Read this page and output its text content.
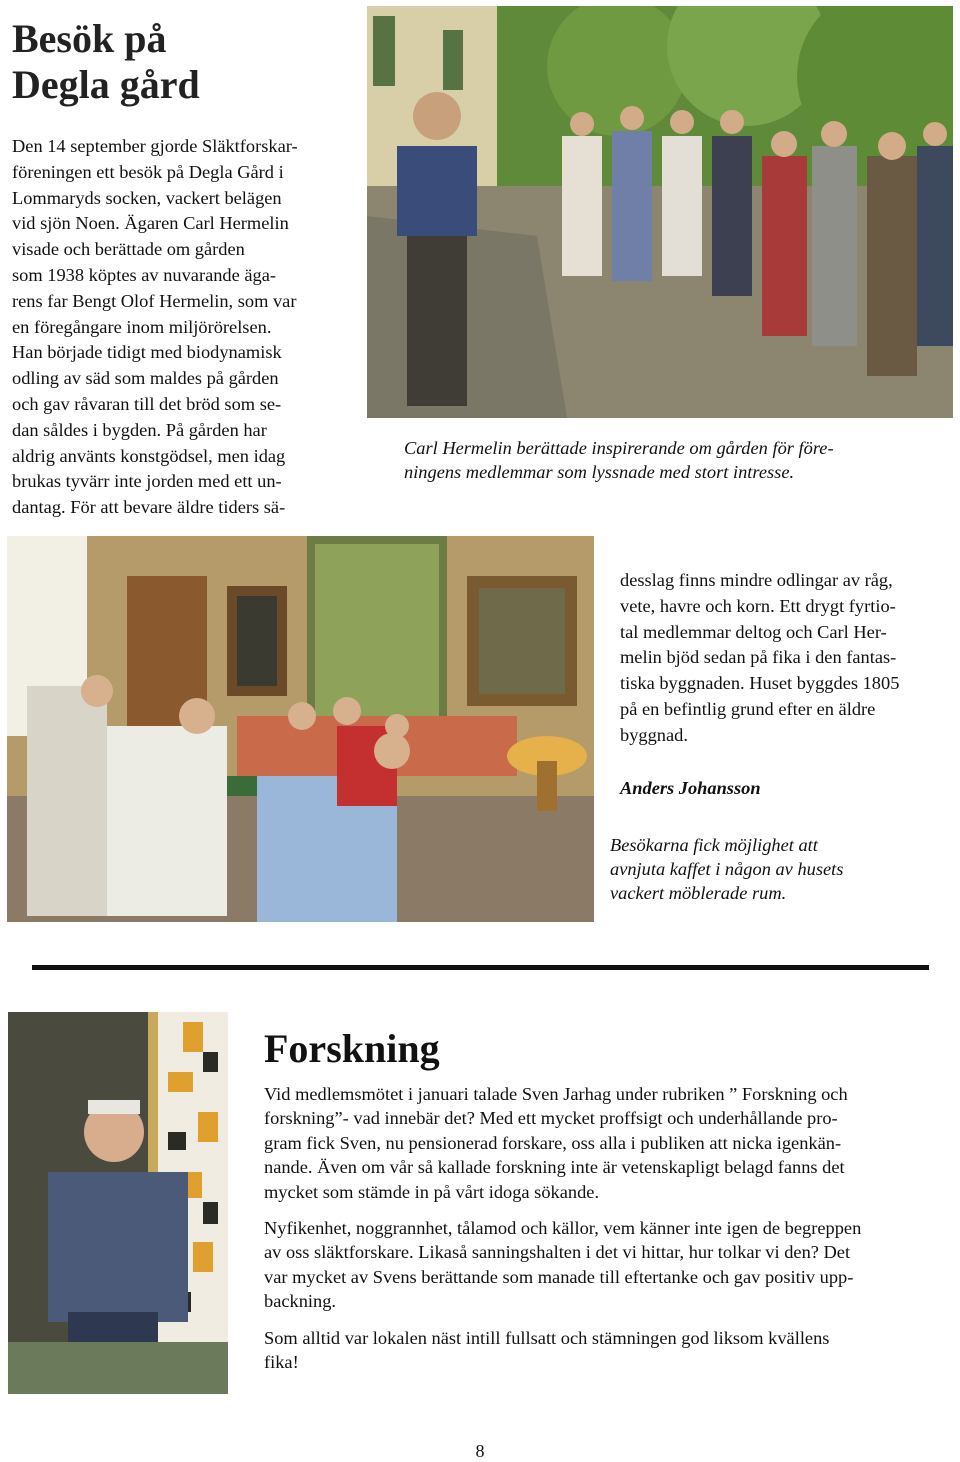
Besök på
Degla gård
Den 14 september gjorde Släktforskar-
föreningen ett besök på Degla Gård i
Lommaryds socken, vackert belägen
vid sjön Noen. Ägaren Carl Hermelin
visade och berättade om gården
som 1938 köptes av nuvarande äga-
rens far Bengt Olof Hermelin, som var
en föregångare inom miljörörelsen.
Han började tidigt med biodynamisk
odling av säd som maldes på gården
och gav råvaran till det bröd som se-
dan såldes i bygden. På gården har
aldrig använts konstgödsel, men idag
brukas tyvärr inte jorden med ett un-
dantag. För att bevare äldre tiders sä-
Carl Hermelin berättade inspirerande om gården för före-
ningens medlemmar som lyssnade med stort intresse.
desslag finns mindre odlingar av råg,
vete, havre och korn. Ett drygt fyrtio-
tal medlemmar deltog och Carl Her-
melin bjöd sedan på fika i den fantas-
tiska byggnaden. Huset byggdes 1805
på en befintlig grund efter en äldre
byggnad.
Anders Johansson
Besökarna fick möjlighet att
avnjuta kaffet i någon av husets
vackert möblerade rum.
Forskning
Vid medlemsmötet i januari talade Sven Jarhag under rubriken ” Forskning och
forskning”- vad innebär det? Med ett mycket proffsigt och underhållande pro-
gram fick Sven, nu pensionerad forskare, oss alla i publiken att nicka igenkän-
nande. Även om vår så kallade forskning inte är vetenskapligt belagd fanns det
mycket som stämde in på vårt idoga sökande.
Nyfikenhet, noggrannhet, tålamod och källor, vem känner inte igen de begreppen
av oss släktforskare. Likaså sanningshalten i det vi hittar, hur tolkar vi den? Det
var mycket av Svens berättande som manade till eftertanke och gav positiv upp-
backning.
Som alltid var lokalen näst intill fullsatt och stämningen god liksom kvällens
fika!
8
